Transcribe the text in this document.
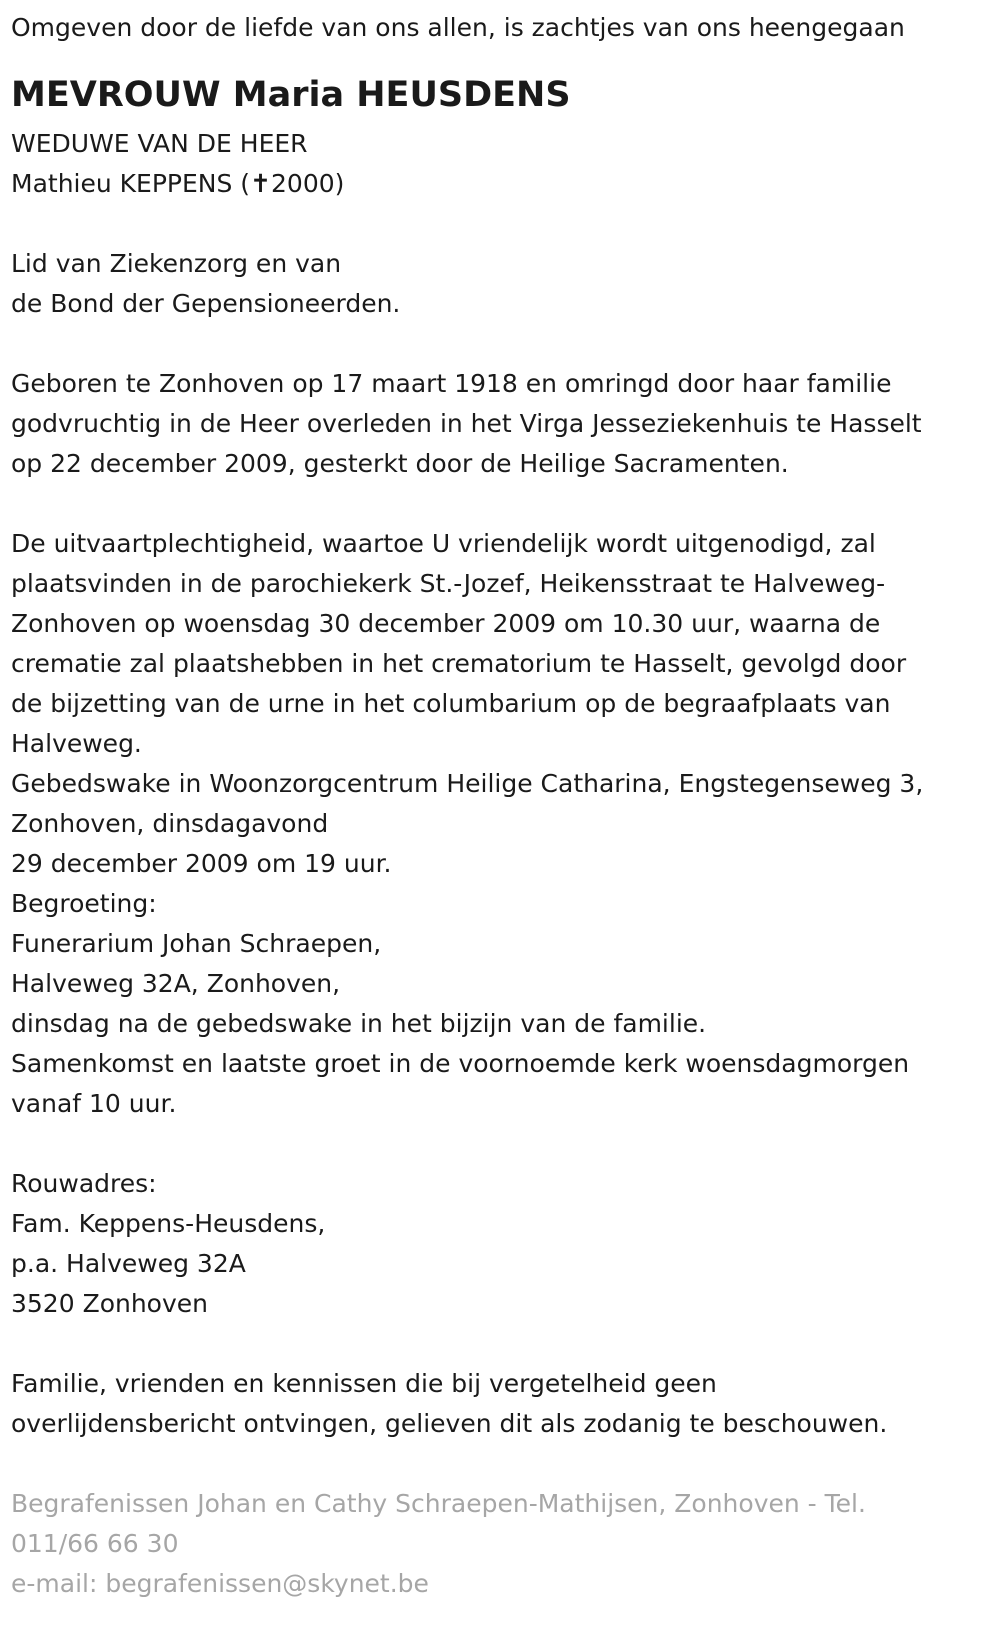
Omgeven door de liefde van ons allen, is zachtjes van ons heengegaan
MEVROUW Maria HEUSDENS
WEDUWE VAN DE HEER
Mathieu KEPPENS (✝2000)
Lid van Ziekenzorg en van
de Bond der Gepensioneerden.
Geboren te Zonhoven op 17 maart 1918 en omringd door haar familie
godvruchtig in de Heer overleden in het Virga Jesseziekenhuis te Hasselt
op 22 december 2009, gesterkt door de Heilige Sacramenten.
De uitvaartplechtigheid, waartoe U vriendelijk wordt uitgenodigd, zal
plaatsvinden in de parochiekerk St.-Jozef, Heikensstraat te Halveweg-
Zonhoven op woensdag 30 december 2009 om 10.30 uur, waarna de
crematie zal plaatshebben in het crematorium te Hasselt, gevolgd door
de bijzetting van de urne in het columbarium op de begraafplaats van
Halveweg.
Gebedswake in Woonzorgcentrum Heilige Catharina, Engstegenseweg 3,
Zonhoven, dinsdagavond
29 december 2009 om 19 uur.
Begroeting:
Funerarium Johan Schraepen,
Halveweg 32A, Zonhoven,
dinsdag na de gebedswake in het bijzijn van de familie.
Samenkomst en laatste groet in de voornoemde kerk woensdagmorgen
vanaf 10 uur.
Rouwadres:
Fam. Keppens-Heusdens,
p.a. Halveweg 32A
3520 Zonhoven
Familie, vrienden en kennissen die bij vergetelheid geen
overlijdensbericht ontvingen, gelieven dit als zodanig te beschouwen.
Begrafenissen Johan en Cathy Schraepen-Mathijsen, Zonhoven - Tel.
011/66 66 30
e-mail: begrafenissen@skynet.be
